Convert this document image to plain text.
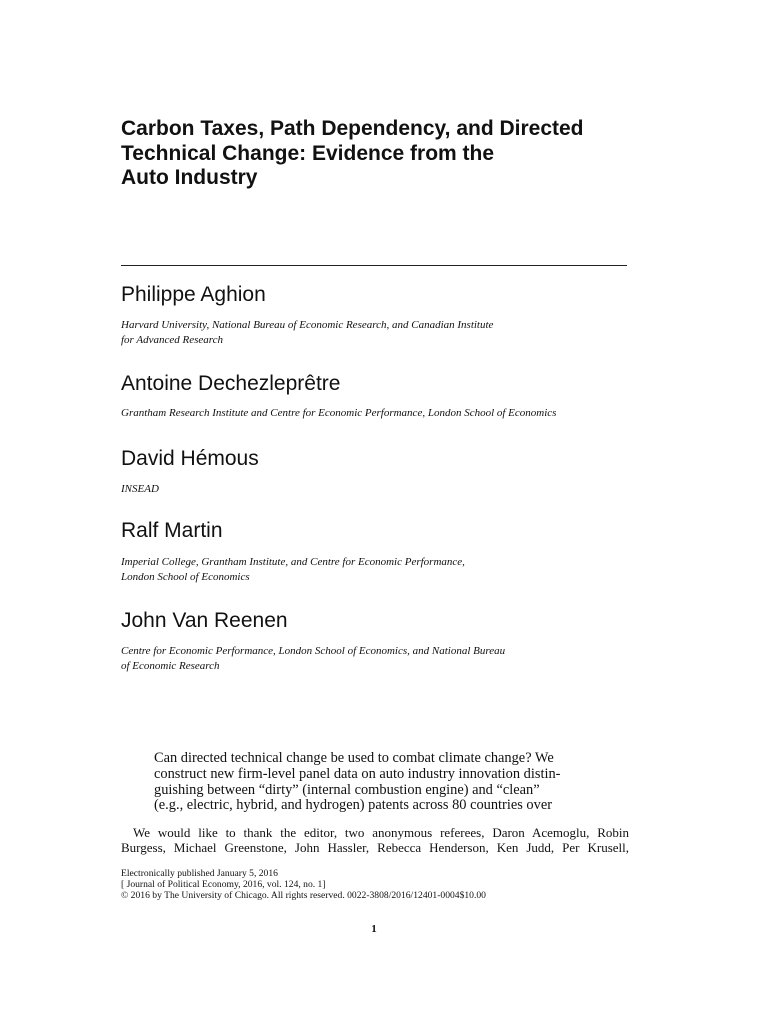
Carbon Taxes, Path Dependency, and Directed
Technical Change: Evidence from the
Auto Industry
Philippe Aghion
Harvard University, National Bureau of Economic Research, and Canadian Institute
for Advanced Research
Antoine Dechezleprêtre
Grantham Research Institute and Centre for Economic Performance, London School of Economics
David Hémous
INSEAD
Ralf Martin
Imperial College, Grantham Institute, and Centre for Economic Performance,
London School of Economics
John Van Reenen
Centre for Economic Performance, London School of Economics, and National Bureau
of Economic Research
Can directed technical change be used to combat climate change? We
construct new firm-level panel data on auto industry innovation distin-
guishing between “dirty” (internal combustion engine) and “clean”
(e.g., electric, hybrid, and hydrogen) patents across 80 countries over
We would like to thank the editor, two anonymous referees, Daron Acemoglu, Robin
Burgess, Michael Greenstone, John Hassler, Rebecca Henderson, Ken Judd, Per Krusell,
Electronically published January 5, 2016
[ Journal of Political Economy, 2016, vol. 124, no. 1]
© 2016 by The University of Chicago. All rights reserved. 0022-3808/2016/12401-0004$10.00
1
